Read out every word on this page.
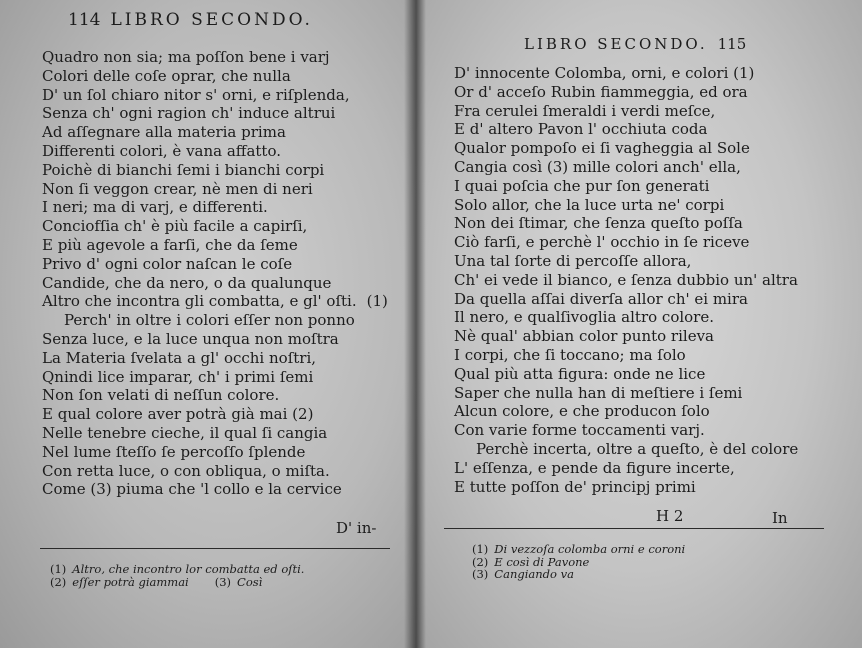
114 LIBRO SECONDO.
Quadro non sia; ma poſſon bene i varj
Colori delle coſe oprar, che nulla
D' un ſol chiaro nitor s' orni, e riſplenda,
Senza ch' ogni ragion ch' induce altrui
Ad aſſegnare alla materia prima
Differenti colori, è vana affatto.
Poichè di bianchi ſemi i bianchi corpi
Non ſi veggon crear, nè men di neri
I neri; ma di varj, e differenti.
Conciofſia ch' è più facile a capirſi,
E più agevole a farſi, che da ſeme
Privo d' ogni color naſcan le coſe
Candide, che da nero, o da qualunque
Altro che incontra gli combatta, e gl' oſti. (1)
Perch' in oltre i colori eſſer non ponno
Senza luce, e la luce unqua non moſtra
La Materia ſvelata a gl' occhi noſtri,
Qnindi lice imparar, ch' i primi ſemi
Non ſon velati di neſſun colore.
E qual colore aver potrà già mai (2)
Nelle tenebre cieche, il qual ſi cangia
Nel lume ſteſſo ſe percoſſo ſplende
Con retta luce, o con obliqua, o miſta.
Come (3) piuma che 'l collo e la cervice
D' in-
(1) Altro, che incontro lor combatta ed oſti.
(2) eſſer potrà giammai (3) Così
LIBRO SECONDO. 115
D' innocente Colomba, orni, e colori (1)
Or d' acceſo Rubin fiammeggia, ed ora
Fra cerulei ſmeraldi i verdi meſce,
E d' altero Pavon l' occhiuta coda
Qualor pompoſo ei ſi vagheggia al Sole
Cangia così (3) mille colori anch' ella,
I quai poſcia che pur ſon generati
Solo allor, che la luce urta ne' corpi
Non dei ſtimar, che ſenza queſto poſſa
Ciò farſi, e perchè l' occhio in ſe riceve
Una tal ſorte di percoſſe allora,
Ch' ei vede il bianco, e ſenza dubbio un' altra
Da quella aſſai diverſa allor ch' ei mira
Il nero, e qualſivoglia altro colore.
Nè qual' abbian color punto rileva
I corpi, che ſi toccano; ma ſolo
Qual più atta figura: onde ne lice
Saper che nulla han di meſtiere i ſemi
Alcun colore, e che producon ſolo
Con varie forme toccamenti varj.
Perchè incerta, oltre a queſto, è del colore
L' eſſenza, e pende da figure incerte,
E tutte poſſon de' principj primi
H 2	In
(1) Di vezzoſa colomba orni e coroni
(2) E così di Pavone
(3) Cangiando va
